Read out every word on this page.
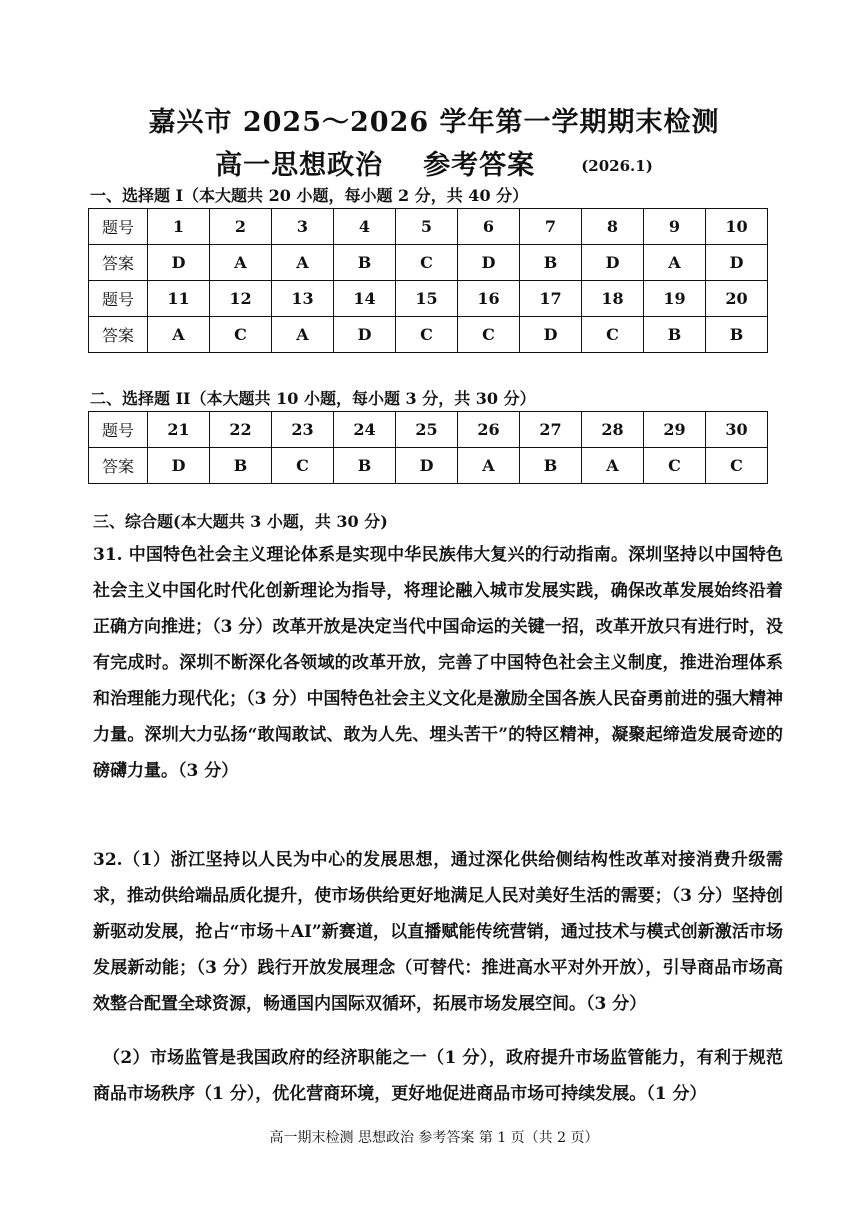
嘉兴市 2025～2026 学年第一学期期末检测
高一思想政治 参考答案	(2026.1)
一、选择题 I（本大题共 20 小题，每小题 2 分，共 40 分）
题号	1	2	3	4	5	6	7	8	9	10
答案	D	A	A	B	C	D	B	D	A	D
题号	11	12	13	14	15	16	17	18	19	20
答案	A	C	A	D	C	C	D	C	B	B
二、选择题 II（本大题共 10 小题，每小题 3 分，共 30 分）
题号	21	22	23	24	25	26	27	28	29	30
答案	D	B	C	B	D	A	B	A	C	C
三、综合题(本大题共 3 小题，共 30 分)
31. 中国特色社会主义理论体系是实现中华民族伟大复兴的行动指南。深圳坚持以中国特色社会主义中国化时代化创新理论为指导，将理论融入城市发展实践，确保改革发展始终沿着正确方向推进；（3 分）改革开放是决定当代中国命运的关键一招，改革开放只有进行时，没有完成时。深圳不断深化各领域的改革开放，完善了中国特色社会主义制度，推进治理体系和治理能力现代化；（3 分）中国特色社会主义文化是激励全国各族人民奋勇前进的强大精神力量。深圳大力弘扬“敢闯敢试、敢为人先、埋头苦干”的特区精神，凝聚起缔造发展奇迹的磅礴力量。（3 分）
32.（1）浙江坚持以人民为中心的发展思想，通过深化供给侧结构性改革对接消费升级需求，推动供给端品质化提升，使市场供给更好地满足人民对美好生活的需要；（3 分）坚持创新驱动发展，抢占“市场＋AI”新赛道，以直播赋能传统营销，通过技术与模式创新激活市场发展新动能；（3 分）践行开放发展理念（可替代：推进高水平对外开放），引导商品市场高效整合配置全球资源，畅通国内国际双循环，拓展市场发展空间。（3 分）
（2）市场监管是我国政府的经济职能之一（1 分），政府提升市场监管能力，有利于规范商品市场秩序（1 分），优化营商环境，更好地促进商品市场可持续发展。（1 分）
高一期末检测 思想政治 参考答案 第 1 页（共 2 页）
